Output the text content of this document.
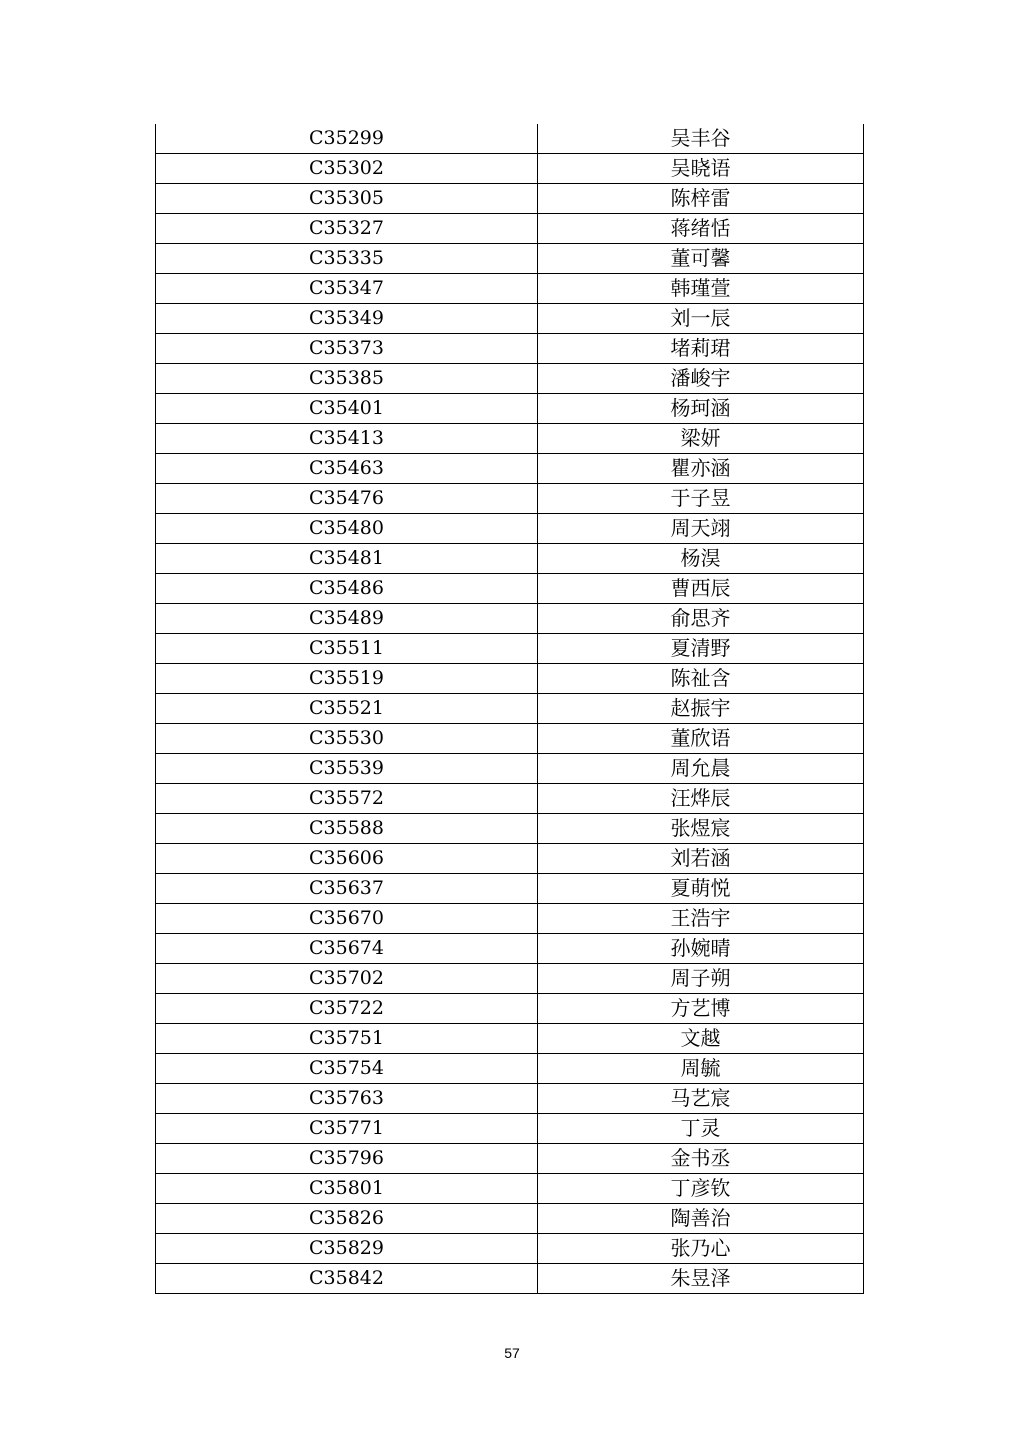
C35299	吴丰谷
C35302	吴晓语
C35305	陈梓雷
C35327	蒋绪恬
C35335	董可馨
C35347	韩瑾萱
C35349	刘一辰
C35373	堵莉珺
C35385	潘峻宇
C35401	杨珂涵
C35413	梁妍
C35463	瞿亦涵
C35476	于子昱
C35480	周天翊
C35481	杨淏
C35486	曹西辰
C35489	俞思齐
C35511	夏清野
C35519	陈祉含
C35521	赵振宇
C35530	董欣语
C35539	周允晨
C35572	汪烨辰
C35588	张煜宸
C35606	刘若涵
C35637	夏萌悦
C35670	王浩宇
C35674	孙婉晴
C35702	周子朔
C35722	方艺博
C35751	文越
C35754	周毓
C35763	马艺宸
C35771	丁灵
C35796	金书丞
C35801	丁彦钦
C35826	陶善治
C35829	张乃心
C35842	朱昱泽
57
